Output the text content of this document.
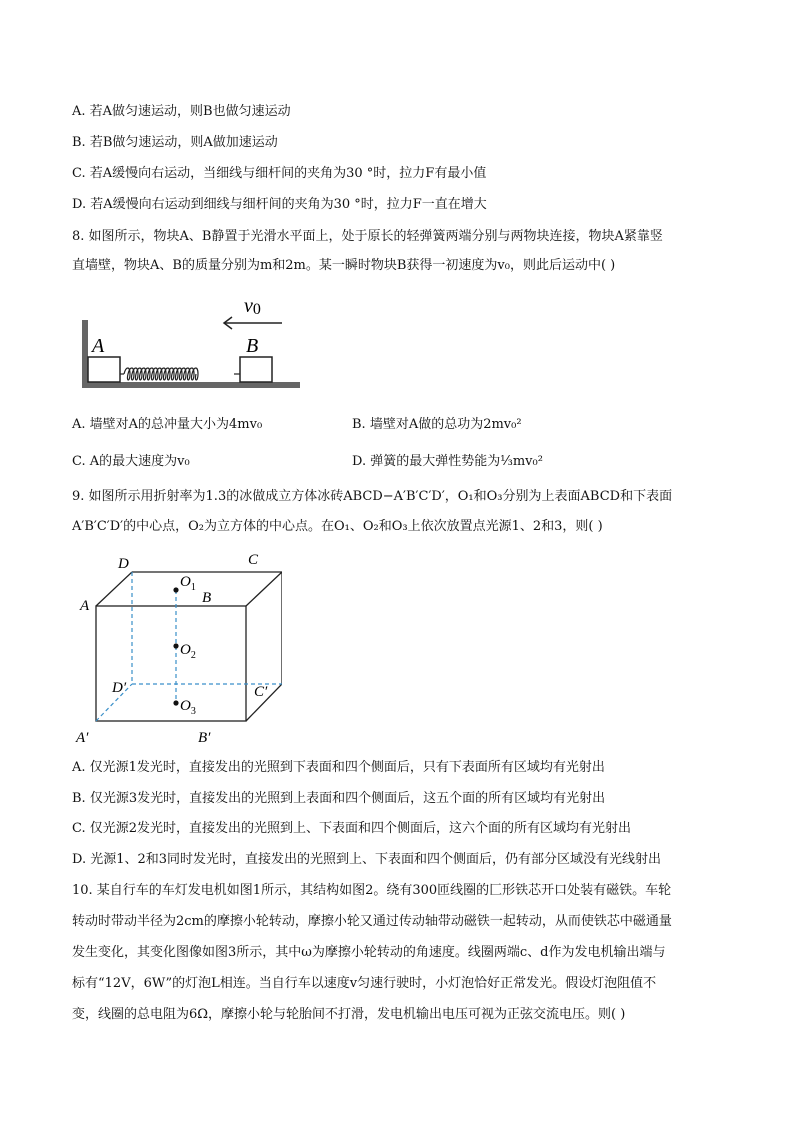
A. 若A做匀速运动，则B也做匀速运动
B. 若B做匀速运动，则A做加速运动
C. 若A缓慢向右运动，当细线与细杆间的夹角为30 °时，拉力F有最小值
D. 若A缓慢向右运动到细线与细杆间的夹角为30 °时，拉力F一直在增大
8. 如图所示，物块A、B静置于光滑水平面上，处于原长的轻弹簧两端分别与两物块连接，物块A紧靠竖
直墙壁，物块A、B的质量分别为m和2m。某一瞬时物块B获得一初速度为v₀，则此后运动中( )
A	B
v0
A. 墙壁对A的总冲量大小为4mv₀	B. 墙壁对A做的总功为2mv₀²
C. A的最大速度为v₀	D. 弹簧的最大弹性势能为⅓mv₀²
9. 如图所示用折射率为1.3的冰做成立方体冰砖ABCD−A′B′C′D′，O₁和O₃分别为上表面ABCD和下表面
A′B′C′D′的中心点，O₂为立方体的中心点。在O₁、O₂和O₃上依次放置点光源1、2和3，则( )
D	C
A	B
D′	C′
A′	B′
$O_1$
$O_2$
$O_3$
A. 仅光源1发光时，直接发出的光照到下表面和四个侧面后，只有下表面所有区域均有光射出
B. 仅光源3发光时，直接发出的光照到上表面和四个侧面后，这五个面的所有区域均有光射出
C. 仅光源2发光时，直接发出的光照到上、下表面和四个侧面后，这六个面的所有区域均有光射出
D. 光源1、2和3同时发光时，直接发出的光照到上、下表面和四个侧面后，仍有部分区域没有光线射出
10. 某自行车的车灯发电机如图1所示，其结构如图2。绕有300匝线圈的匚形铁芯开口处装有磁铁。车轮
转动时带动半径为2cm的摩擦小轮转动，摩擦小轮又通过传动轴带动磁铁一起转动，从而使铁芯中磁通量
发生变化，其变化图像如图3所示，其中ω为摩擦小轮转动的角速度。线圈两端c、d作为发电机输出端与
标有“12V，6W”的灯泡L相连。当自行车以速度v匀速行驶时，小灯泡恰好正常发光。假设灯泡阻值不
变，线圈的总电阻为6Ω，摩擦小轮与轮胎间不打滑，发电机输出电压可视为正弦交流电压。则( )
